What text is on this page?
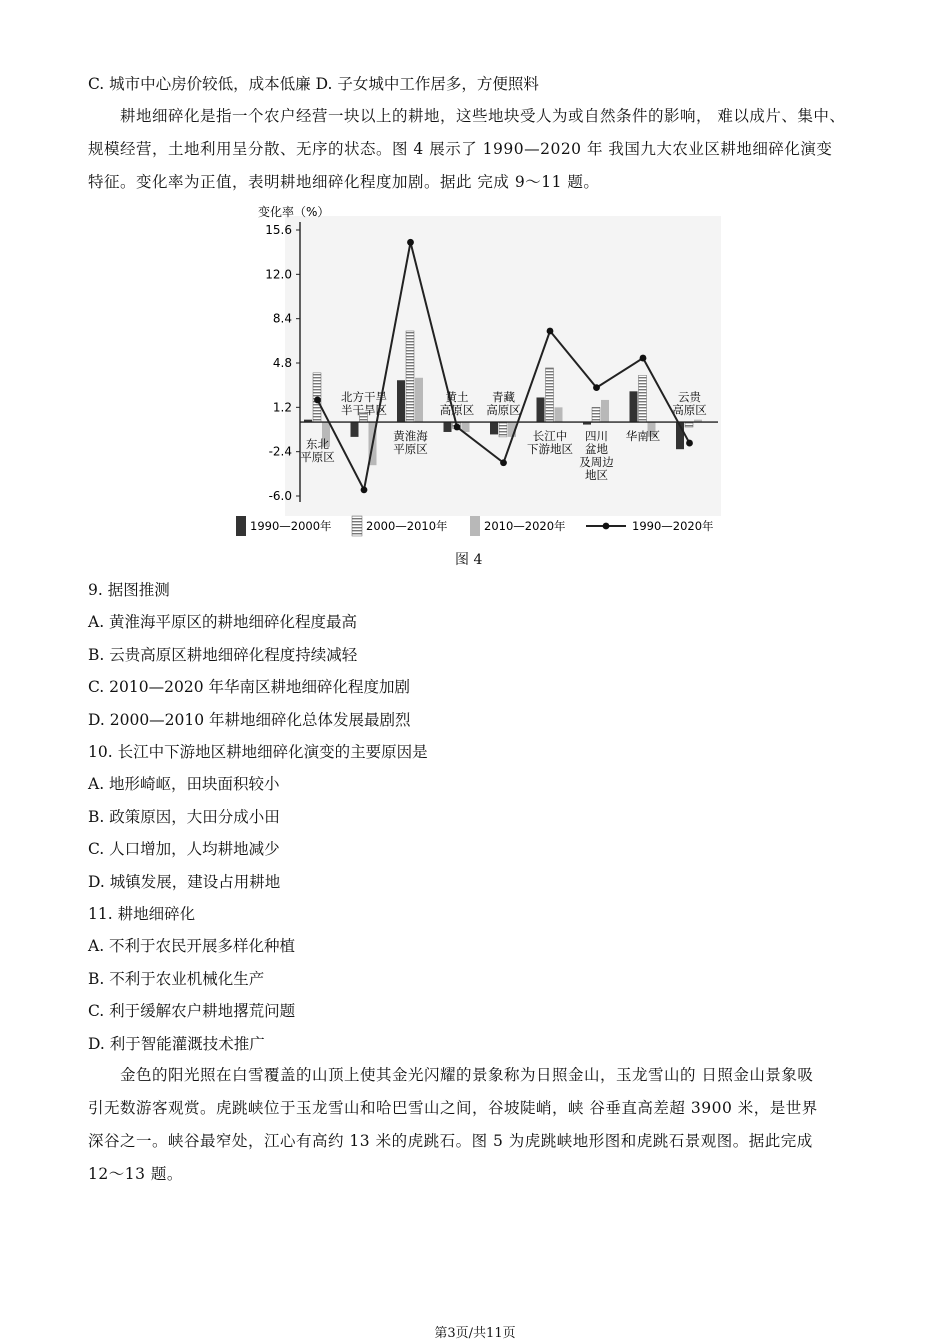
C. 城市中心房价较低，成本低廉 D. 子女城中工作居多，方便照料
耕地细碎化是指一个农户经营一块以上的耕地，这些地块受人为或自然条件的影响， 难以成片、集中、
规模经营，土地利用呈分散、无序的状态。图 4 展示了 1990—2020 年 我国九大农业区耕地细碎化演变
特征。变化率为正值，表明耕地细碎化程度加剧。据此 完成 9～11 题。
变化率（%）
15.6
12.0
8.4
4.8
1.2
-2.4
-6.0
东北
平原区
北方干旱
半干旱区
黄淮海
平原区
黄土
高原区
青藏
高原区
长江中
下游地区
四川
盆地
及周边
地区
华南区
云贵
高原区
1990—2000年	2000—2010年	2010—2020年	1990—2020年
图 4
9. 据图推测
A. 黄淮海平原区的耕地细碎化程度最高
B. 云贵高原区耕地细碎化程度持续减轻
C. 2010—2020 年华南区耕地细碎化程度加剧
D. 2000—2010 年耕地细碎化总体发展最剧烈
10. 长江中下游地区耕地细碎化演变的主要原因是
A. 地形崎岖，田块面积较小
B. 政策原因，大田分成小田
C. 人口增加，人均耕地减少
D. 城镇发展，建设占用耕地
11. 耕地细碎化
A. 不利于农民开展多样化种植
B. 不利于农业机械化生产
C. 利于缓解农户耕地撂荒问题
D. 利于智能灌溉技术推广
金色的阳光照在白雪覆盖的山顶上使其金光闪耀的景象称为日照金山，玉龙雪山的 日照金山景象吸
引无数游客观赏。虎跳峡位于玉龙雪山和哈巴雪山之间，谷坡陡峭，峡 谷垂直高差超 3900 米，是世界
深谷之一。峡谷最窄处，江心有高约 13 米的虎跳石。图 5 为虎跳峡地形图和虎跳石景观图。据此完成
12～13 题。
第3页/共11页
